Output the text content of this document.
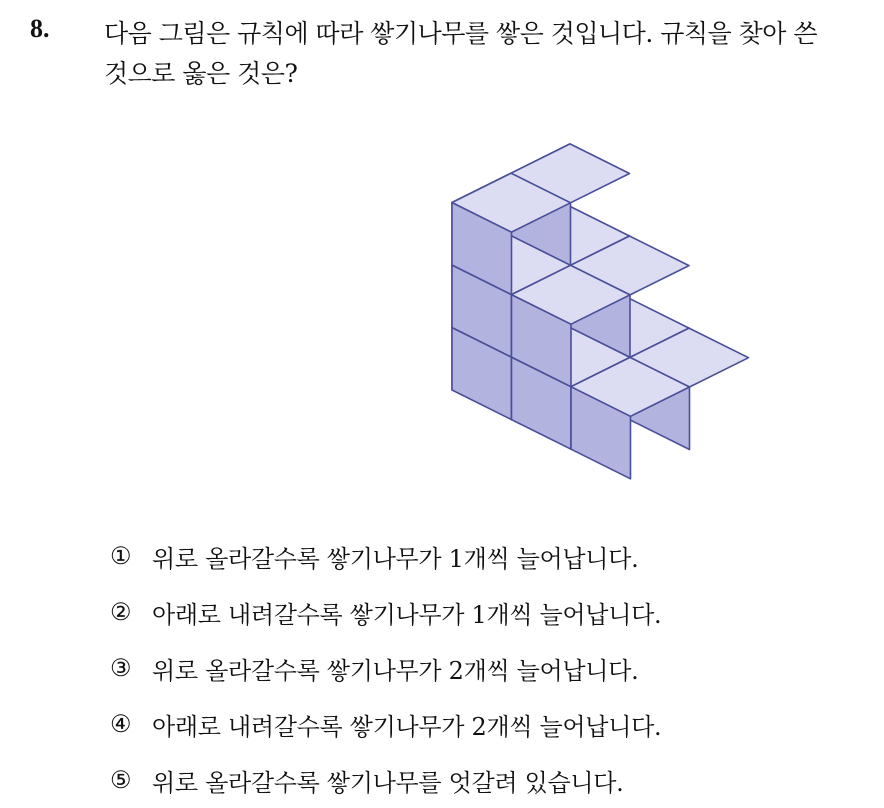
8. 다음 그림은 규칙에 따라 쌓기나무를 쌓은 것입니다. 규칙을 찾아 쓴
것으로 옳은 것은?
① 위로 올라갈수록 쌓기나무가 1개씩 늘어납니다.
② 아래로 내려갈수록 쌓기나무가 1개씩 늘어납니다.
③ 위로 올라갈수록 쌓기나무가 2개씩 늘어납니다.
④ 아래로 내려갈수록 쌓기나무가 2개씩 늘어납니다.
⑤ 위로 올라갈수록 쌓기나무를 엇갈려 있습니다.
